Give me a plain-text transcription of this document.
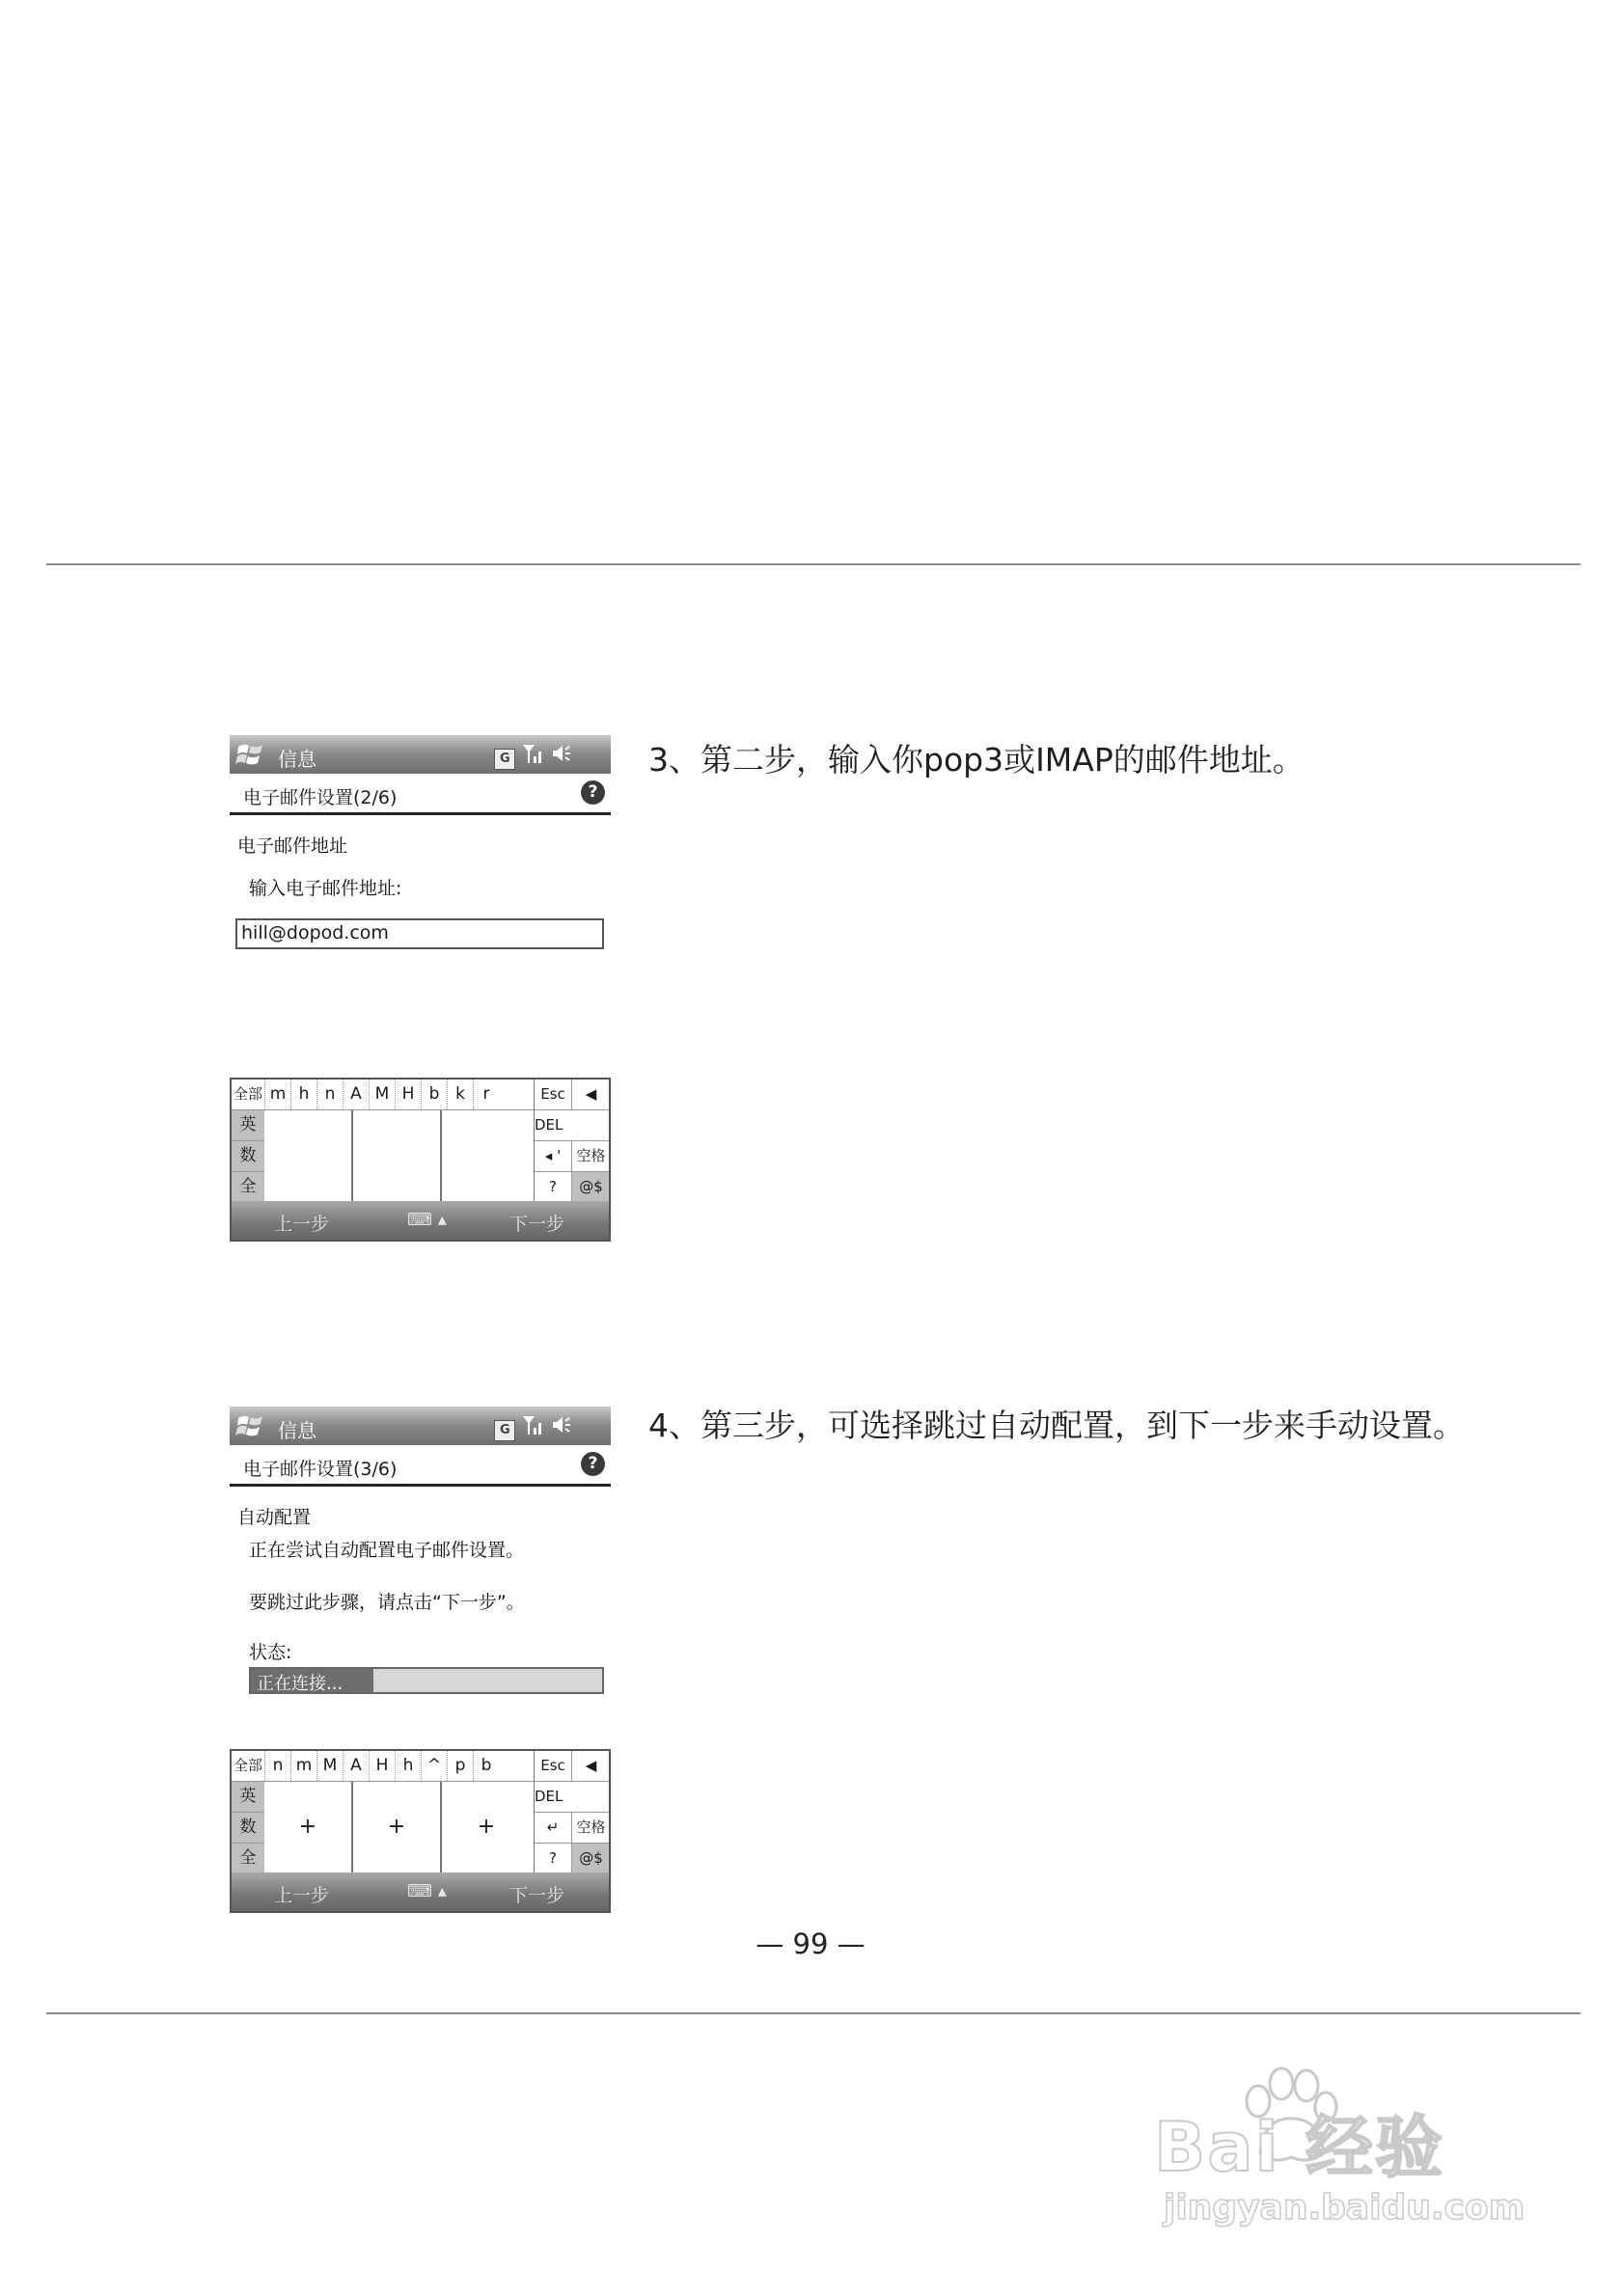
3、第二步，输入你pop3或IMAP的邮件地址。
4、第三步，可选择跳过自动配置，到下一步来手动设置。
信息	G
电子邮件设置(2/6)	?
电子邮件地址
输入电子邮件地址:
hill@dopod.com
全部
英
数
全
m h n A M H b k r	Esc	◀
DEL
◂ '	空格
?	@$
上一步	⌨ ▴	下一步
信息	G
电子邮件设置(3/6)	?
自动配置
正在尝试自动配置电子邮件设置。
要跳过此步骤，请点击“下一步”。
状态:
正在连接...
全部
英
数
全
n m M A H h ^ p b
+	+	+
Esc	◀
DEL
↵	空格
?	@$
上一步	⌨ ▴	下一步
— 99 —
Bai 经验
jingyan.baidu.com
